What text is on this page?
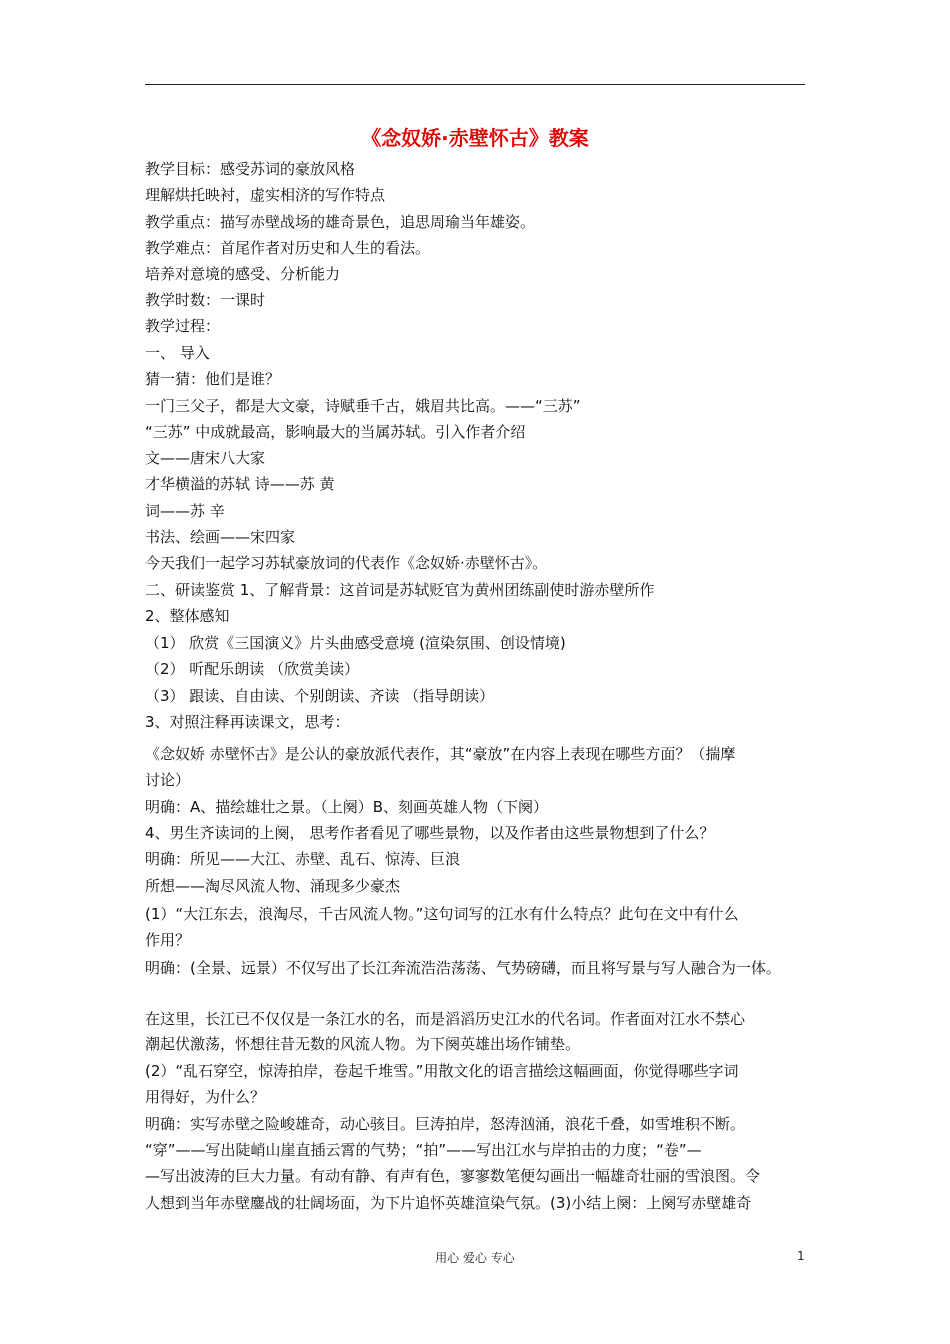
《念奴娇·赤壁怀古》教案
教学目标：感受苏词的豪放风格
理解烘托映衬，虚实相济的写作特点
教学重点：描写赤壁战场的雄奇景色，追思周瑜当年雄姿。
教学难点：首尾作者对历史和人生的看法。
培养对意境的感受、分析能力
教学时数：一课时
教学过程：
一、 导入
猜一猜：他们是谁？
一门三父子，都是大文豪，诗赋垂千古，娥眉共比高。——“三苏”
“三苏” 中成就最高，影响最大的当属苏轼。引入作者介绍
文——唐宋八大家
才华横溢的苏轼 诗——苏 黄
词——苏 辛
书法、绘画——宋四家
今天我们一起学习苏轼豪放词的代表作《念奴娇·赤壁怀古》。
二、研读鉴赏 1、了解背景：这首词是苏轼贬官为黄州团练副使时游赤壁所作
2、整体感知
（1） 欣赏《三国演义》片头曲感受意境 (渲染氛围、创设情境)
（2） 听配乐朗读 （欣赏美读）
（3） 跟读、自由读、个别朗读、齐读 （指导朗读）
3、对照注释再读课文，思考：
《念奴娇 赤壁怀古》是公认的豪放派代表作，其“豪放”在内容上表现在哪些方面？（揣摩
讨论）
明确：A、描绘雄壮之景。（上阕）B、刻画英雄人物（下阕）
4、男生齐读词的上阕， 思考作者看见了哪些景物，以及作者由这些景物想到了什么？
明确：所见——大江、赤壁、乱石、惊涛、巨浪
所想——淘尽风流人物、涌现多少豪杰
(1）“大江东去，浪淘尽，千古风流人物。”这句词写的江水有什么特点？此句在文中有什么
作用？
明确：(全景、远景）不仅写出了长江奔流浩浩荡荡、气势磅礴，而且将写景与写人融合为一体。
在这里，长江已不仅仅是一条江水的名，而是滔滔历史江水的代名词。作者面对江水不禁心
潮起伏激荡，怀想往昔无数的风流人物。为下阕英雄出场作铺垫。
(2）“乱石穿空，惊涛拍岸，卷起千堆雪。”用散文化的语言描绘这幅画面，你觉得哪些字词
用得好，为什么？
明确：实写赤壁之险峻雄奇，动心骇目。巨涛拍岸，怒涛汹涌，浪花千叠，如雪堆积不断。
“穿”——写出陡峭山崖直插云霄的气势；“拍”——写出江水与岸拍击的力度；“卷”—
—写出波涛的巨大力量。有动有静、有声有色，寥寥数笔便勾画出一幅雄奇壮丽的雪浪图。令
人想到当年赤壁鏖战的壮阔场面，为下片追怀英雄渲染气氛。(3)小结上阕：上阕写赤壁雄奇
用心 爱心 专心	1
